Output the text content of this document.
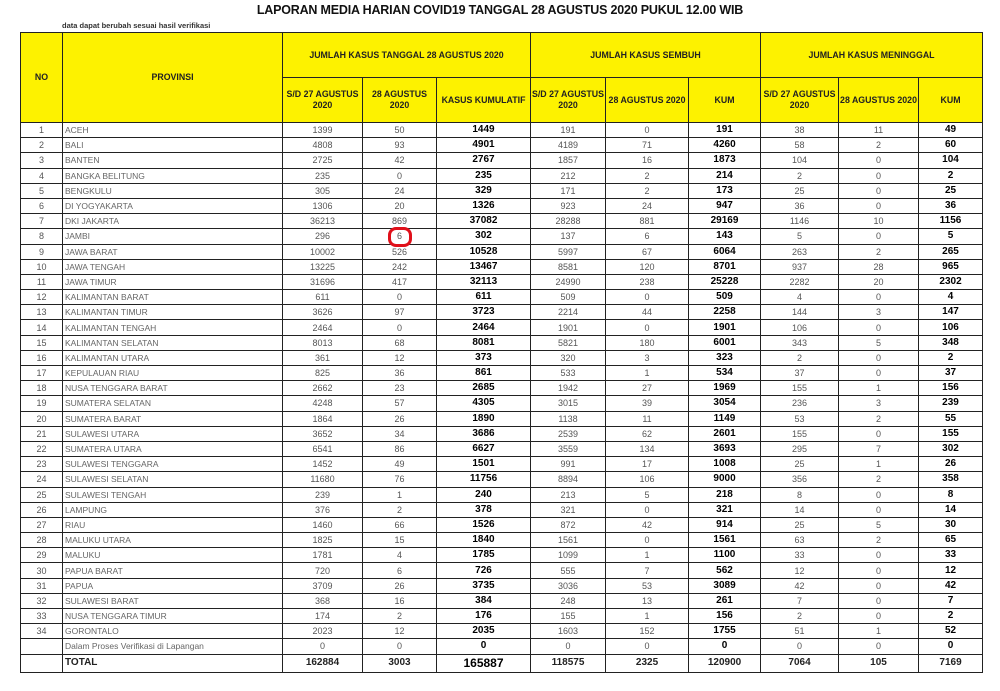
LAPORAN MEDIA HARIAN COVID19 TANGGAL 28 AGUSTUS 2020 PUKUL 12.00 WIB
data dapat berubah sesuai hasil verifikasi
NO	PROVINSI	JUMLAH KASUS TANGGAL 28 AGUSTUS 2020			JUMLAH KASUS SEMBUH			JUMLAH KASUS MENINGGAL		
		S/D 27 AGUSTUS 2020	28 AGUSTUS 2020	KASUS KUMULATIF	S/D 27 AGUSTUS 2020	28 AGUSTUS 2020	KUM	S/D 27 AGUSTUS 2020	28 AGUSTUS 2020	KUM
1	ACEH	1399	50	1449	191	0	191	38	11	49
2	BALI	4808	93	4901	4189	71	4260	58	2	60
3	BANTEN	2725	42	2767	1857	16	1873	104	0	104
4	BANGKA BELITUNG	235	0	235	212	2	214	2	0	2
5	BENGKULU	305	24	329	171	2	173	25	0	25
6	DI YOGYAKARTA	1306	20	1326	923	24	947	36	0	36
7	DKI JAKARTA	36213	869	37082	28288	881	29169	1146	10	1156
8	JAMBI	296	6	302	137	6	143	5	0	5
9	JAWA BARAT	10002	526	10528	5997	67	6064	263	2	265
10	JAWA TENGAH	13225	242	13467	8581	120	8701	937	28	965
11	JAWA TIMUR	31696	417	32113	24990	238	25228	2282	20	2302
12	KALIMANTAN BARAT	611	0	611	509	0	509	4	0	4
13	KALIMANTAN TIMUR	3626	97	3723	2214	44	2258	144	3	147
14	KALIMANTAN TENGAH	2464	0	2464	1901	0	1901	106	0	106
15	KALIMANTAN SELATAN	8013	68	8081	5821	180	6001	343	5	348
16	KALIMANTAN UTARA	361	12	373	320	3	323	2	0	2
17	KEPULAUAN RIAU	825	36	861	533	1	534	37	0	37
18	NUSA TENGGARA BARAT	2662	23	2685	1942	27	1969	155	1	156
19	SUMATERA SELATAN	4248	57	4305	3015	39	3054	236	3	239
20	SUMATERA BARAT	1864	26	1890	1138	11	1149	53	2	55
21	SULAWESI UTARA	3652	34	3686	2539	62	2601	155	0	155
22	SUMATERA UTARA	6541	86	6627	3559	134	3693	295	7	302
23	SULAWESI TENGGARA	1452	49	1501	991	17	1008	25	1	26
24	SULAWESI SELATAN	11680	76	11756	8894	106	9000	356	2	358
25	SULAWESI TENGAH	239	1	240	213	5	218	8	0	8
26	LAMPUNG	376	2	378	321	0	321	14	0	14
27	RIAU	1460	66	1526	872	42	914	25	5	30
28	MALUKU UTARA	1825	15	1840	1561	0	1561	63	2	65
29	MALUKU	1781	4	1785	1099	1	1100	33	0	33
30	PAPUA BARAT	720	6	726	555	7	562	12	0	12
31	PAPUA	3709	26	3735	3036	53	3089	42	0	42
32	SULAWESI BARAT	368	16	384	248	13	261	7	0	7
33	NUSA TENGGARA TIMUR	174	2	176	155	1	156	2	0	2
34	GORONTALO	2023	12	2035	1603	152	1755	51	1	52
	Dalam Proses Verifikasi di Lapangan	0	0	0	0	0	0	0	0	0
	TOTAL	162884	3003	165887	118575	2325	120900	7064	105	7169
